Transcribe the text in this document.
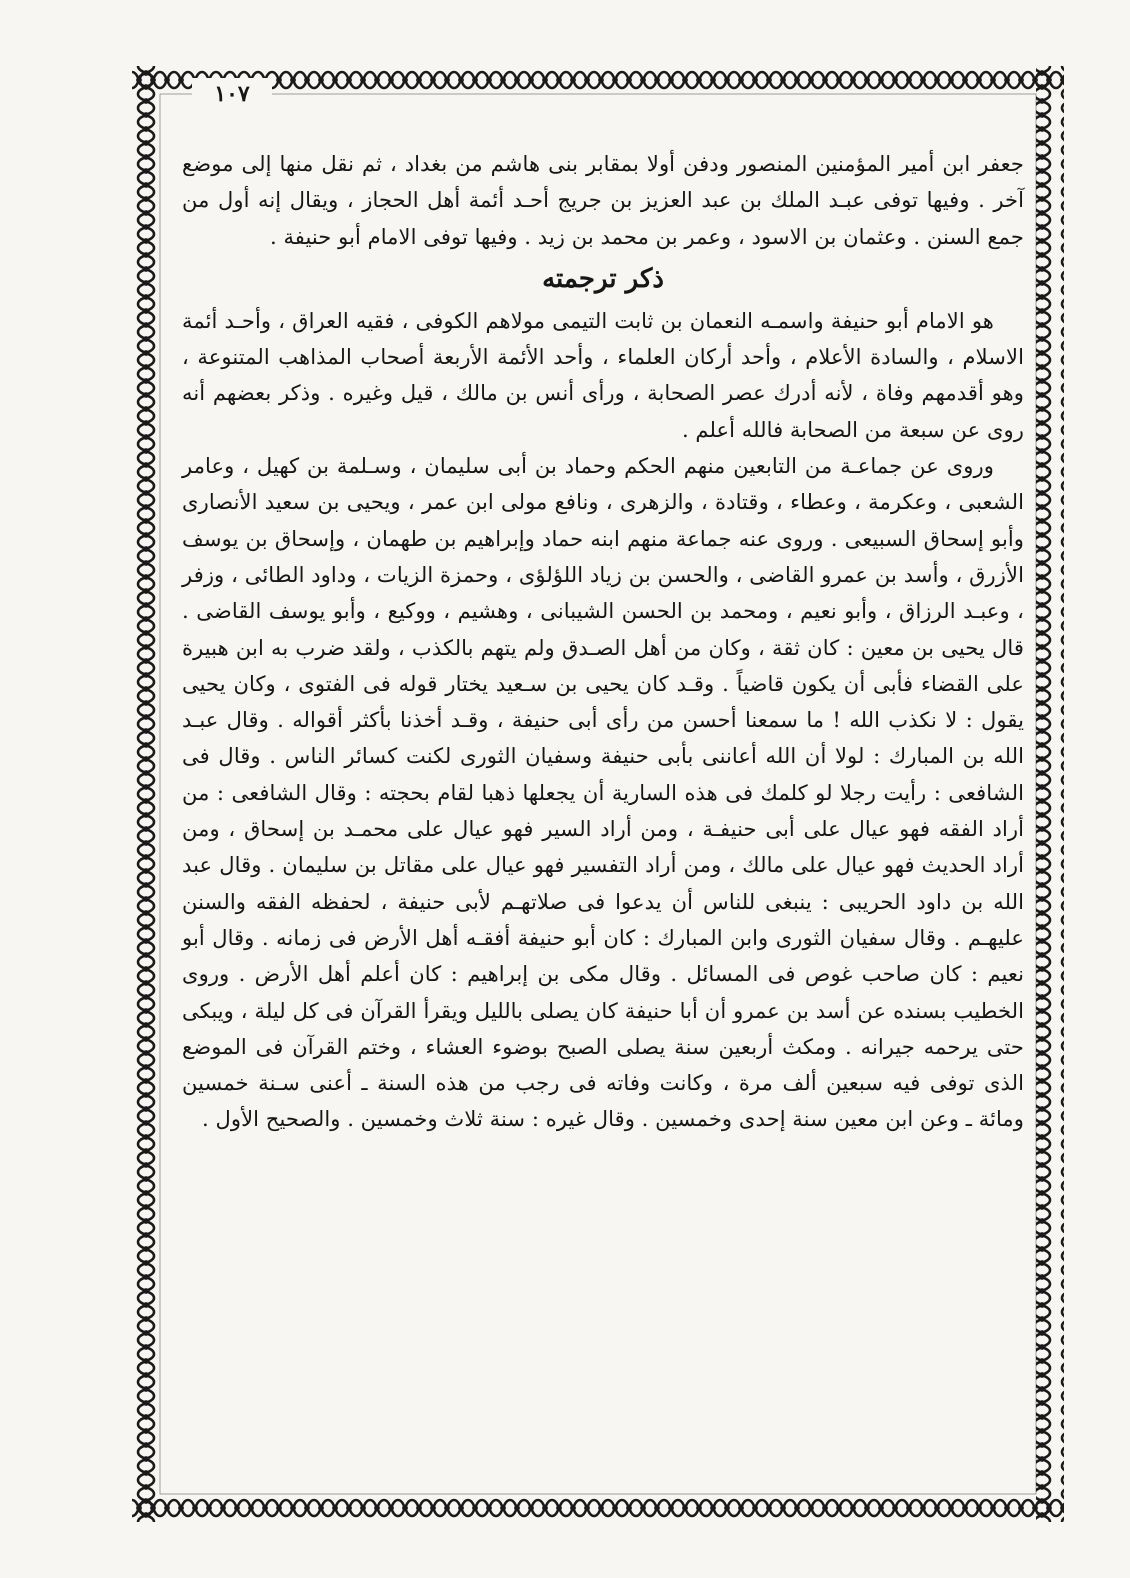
١٠٧

جعفر ابن أمير المؤمنين المنصور ودفن أولا بمقابر بنى هاشم من بغداد ، ثم نقل منها إلى موضع آخر . وفيها توفى عبـد الملك بن عبد العزيز بن جريج أحـد أئمة أهل الحجاز ، ويقال إنه أول من جمع السنن . وعثمان بن الاسود ، وعمر بن محمد بن زيد . وفيها توفى الامام أبو حنيفة .

ذكر ترجمته

هو الامام أبو حنيفة واسمـه النعمان بن ثابت التيمى مولاهم الكوفى ، فقيه العراق ، وأحـد أئمة الاسلام ، والسادة الأعلام ، وأحد أركان العلماء ، وأحد الأئمة الأربعة أصحاب المذاهب المتنوعة ، وهو أقدمهم وفاة ، لأنه أدرك عصر الصحابة ، ورأى أنس بن مالك ، قيل وغيره . وذكر بعضهم أنه روى عن سبعة من الصحابة فالله أعلم .

وروى عن جماعـة من التابعين منهم الحكم وحماد بن أبى سليمان ، وسـلمة بن كهيل ، وعامر الشعبى ، وعكرمة ، وعطاء ، وقتادة ، والزهرى ، ونافع مولى ابن عمر ، ويحيى بن سعيد الأنصارى وأبو إسحاق السبيعى . وروى عنه جماعة منهم ابنه حماد وإبراهيم بن طهمان ، وإسحاق بن يوسف الأزرق ، وأسد بن عمرو القاضى ، والحسن بن زياد اللؤلؤى ، وحمزة الزيات ، وداود الطائى ، وزفر ، وعبـد الرزاق ، وأبو نعيم ، ومحمد بن الحسن الشيبانى ، وهشيم ، ووكيع ، وأبو يوسف القاضى . قال يحيى بن معين : كان ثقة ، وكان من أهل الصـدق ولم يتهم بالكذب ، ولقد ضرب به ابن هبيرة على القضاء فأبى أن يكون قاضياً . وقـد كان يحيى بن سـعيد يختار قوله فى الفتوى ، وكان يحيى يقول : لا نكذب الله ! ما سمعنا أحسن من رأى أبى حنيفة ، وقـد أخذنا بأكثر أقواله . وقال عبـد الله بن المبارك : لولا أن الله أعاننى بأبى حنيفة وسفيان الثورى لكنت كسائر الناس . وقال فى الشافعى : رأيت رجلا لو كلمك فى هذه السارية أن يجعلها ذهبا لقام بحجته : وقال الشافعى : من أراد الفقه فهو عيال على أبى حنيفـة ، ومن أراد السير فهو عيال على محمـد بن إسحاق ، ومن أراد الحديث فهو عيال على مالك ، ومن أراد التفسير فهو عيال على مقاتل بن سليمان . وقال عبد الله بن داود الحريبى : ينبغى للناس أن يدعوا فى صلاتهـم لأبى حنيفة ، لحفظه الفقه والسنن عليهـم . وقال سفيان الثورى وابن المبارك : كان أبو حنيفة أفقـه أهل الأرض فى زمانه . وقال أبو نعيم : كان صاحب غوص فى المسائل . وقال مكى بن إبراهيم : كان أعلم أهل الأرض . وروى الخطيب بسنده عن أسد بن عمرو أن أبا حنيفة كان يصلى بالليل ويقرأ القرآن فى كل ليلة ، ويبكى حتى يرحمه جيرانه . ومكث أربعين سنة يصلى الصبح بوضوء العشاء ، وختم القرآن فى الموضع الذى توفى فيه سبعين ألف مرة ، وكانت وفاته فى رجب من هذه السنة ـ أعنى سـنة خمسين ومائة ـ وعن ابن معين سنة إحدى وخمسين . وقال غيره : سنة ثلاث وخمسين . والصحيح الأول .
